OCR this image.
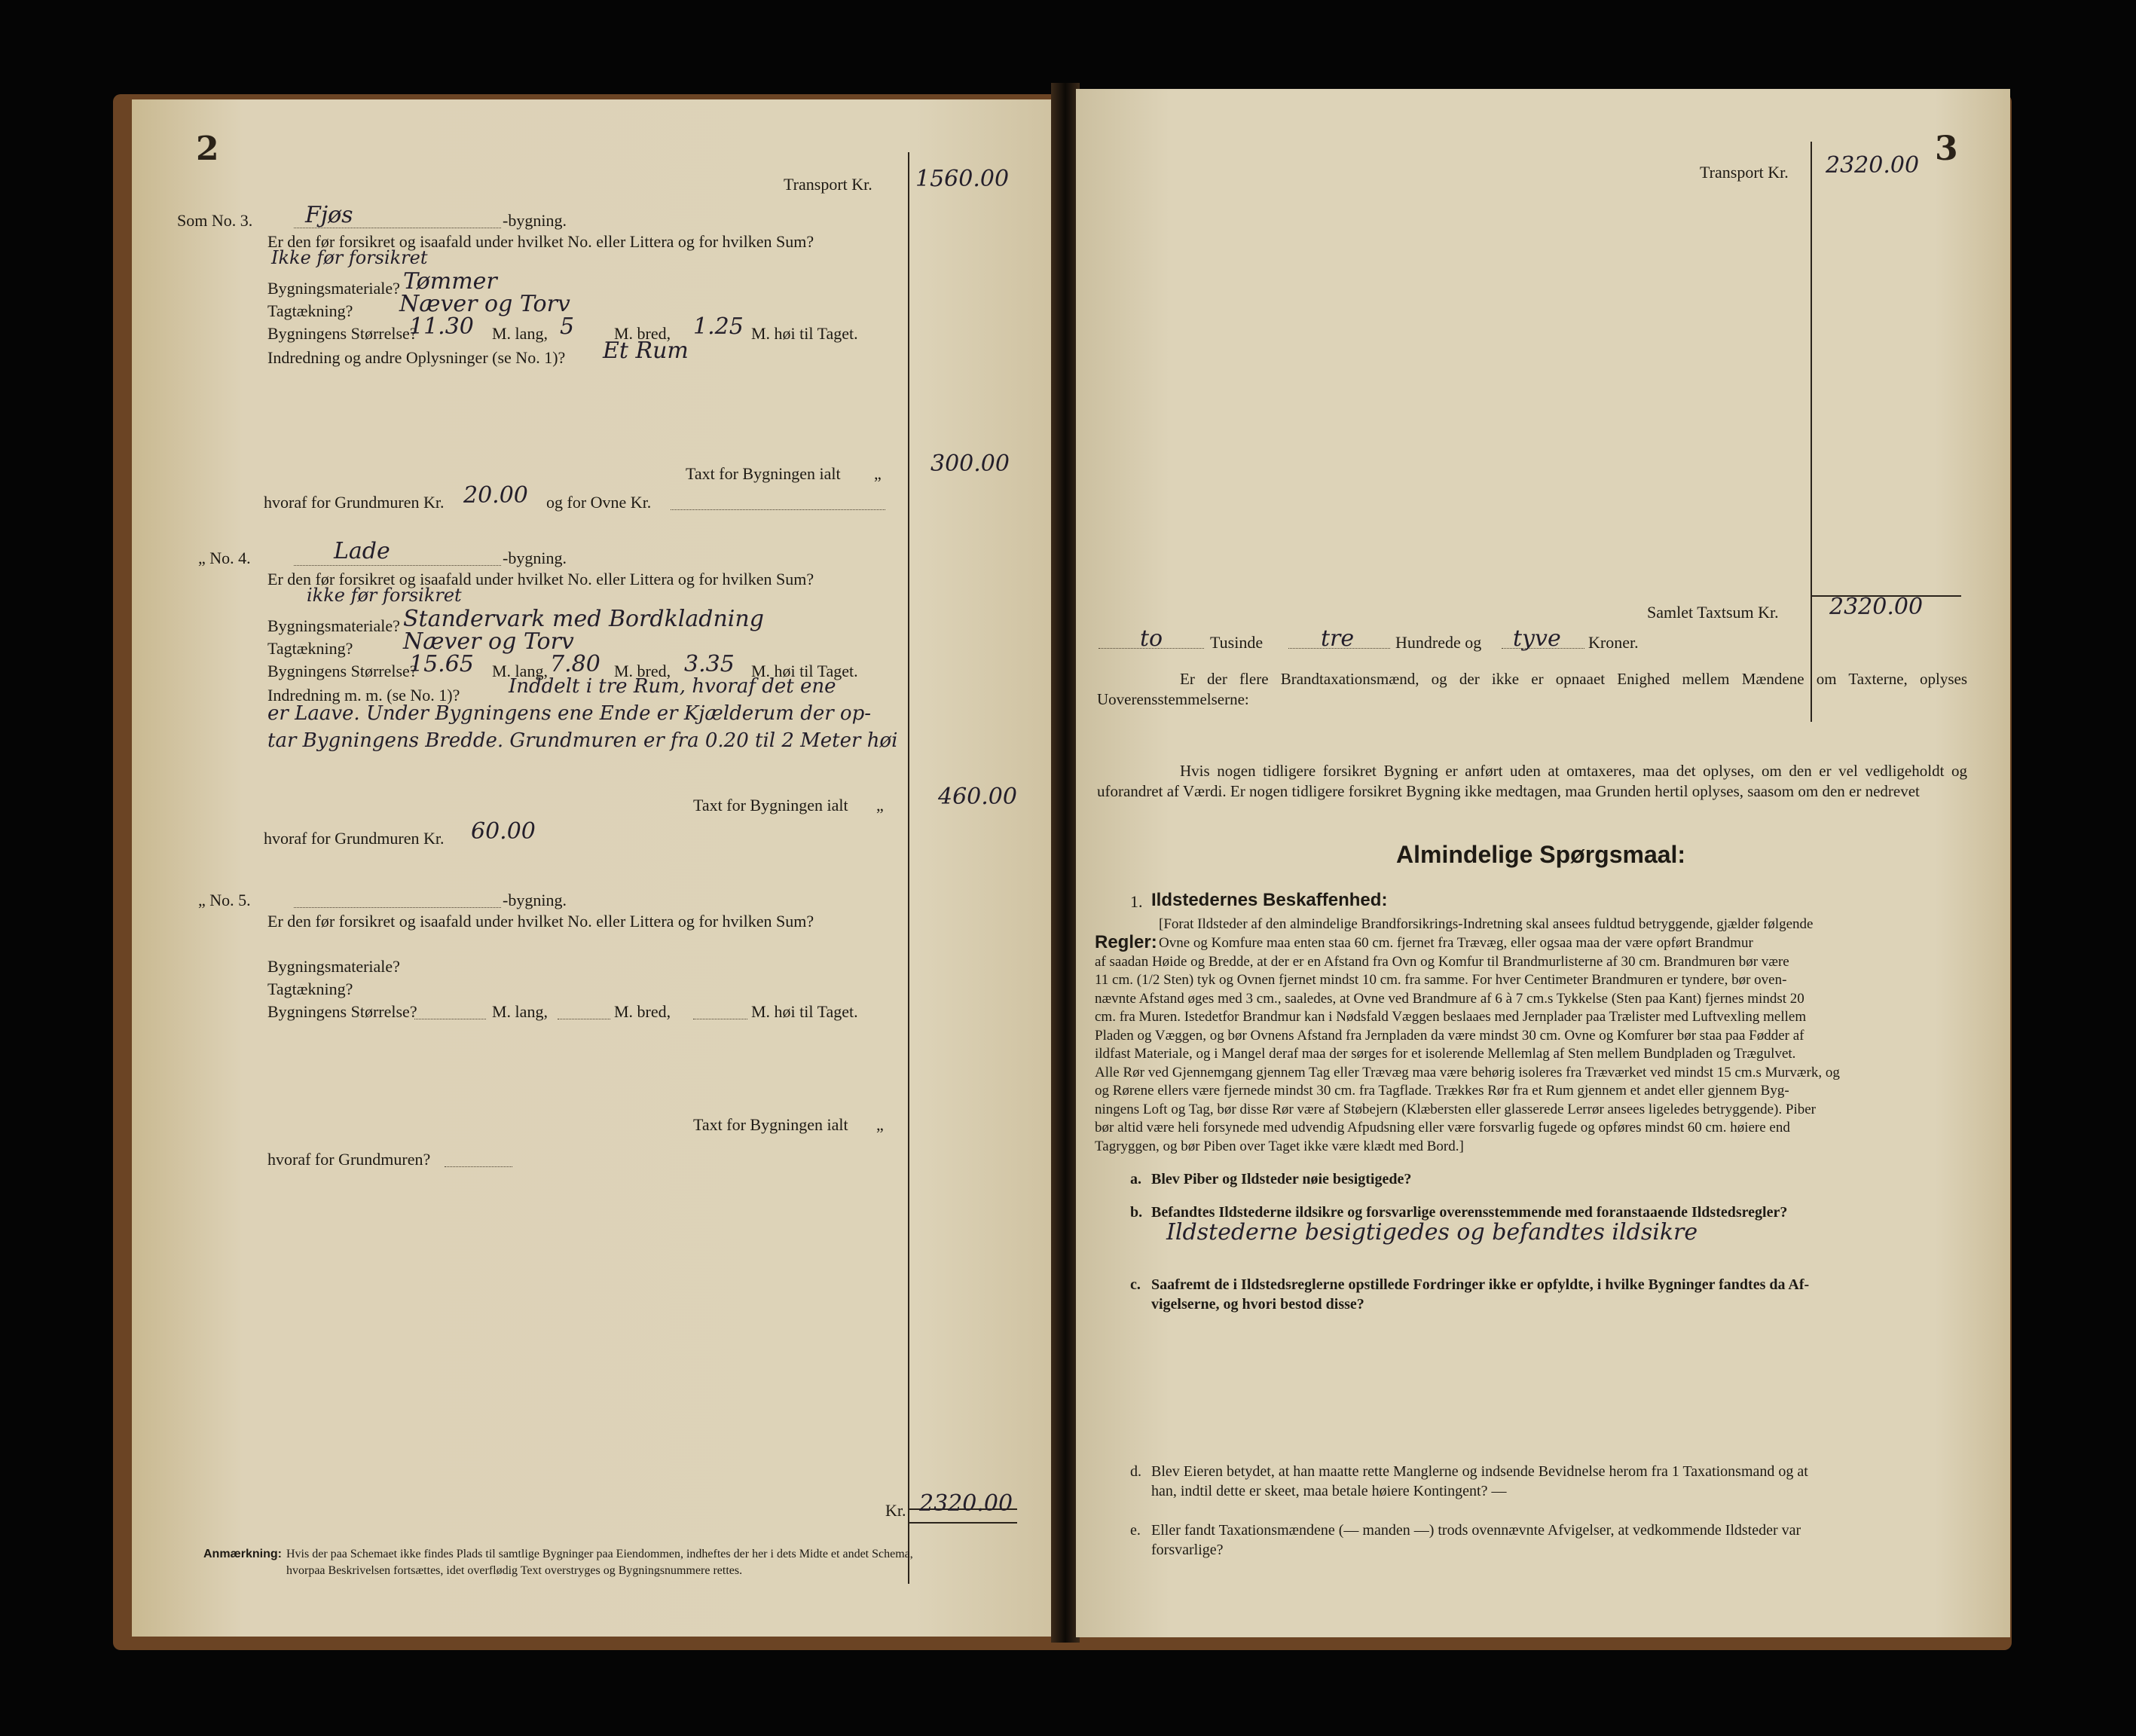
2
Transport Kr. 1560.00
Som No. 3. Fjøs	-bygning.
Er den før forsikret og isaafald under hvilket No. eller Littera og for hvilken Sum?
Ikke før forsikret
Bygningsmateriale? Tømmer
Tagtækning? Næver og Torv
Bygningens Størrelse?
11.30 M. lang, 5 M. bred, 1.25 M. høi til Taget.
Indredning og andre Oplysninger (se No. 1)? Et Rum
Taxt for Bygningen ialt „ 300.00
hvoraf for Grundmuren Kr. 20.00 og for Ovne Kr.
„ No. 4.	Lade	-bygning.
Er den før forsikret og isaafald under hvilket No. eller Littera og for hvilken Sum?
ikke før forsikret
Bygningsmateriale? Standervark med Bordkladning
Tagtækning? Næver og Torv
Bygningens Størrelse?
15.65 M. lang, 7.80 M. bred, 3.35 M. høi til Taget.
Indredning m. m. (se No. 1)? Inddelt i tre Rum, hvoraf det ene
er Laave. Under Bygningens ene Ende er Kjælderum der op-
tar Bygningens Bredde. Grundmuren er fra 0.20 til 2 Meter høi
Taxt for Bygningen ialt „ 460.00
hvoraf for Grundmuren Kr. 60.00
„ No. 5.	-bygning.
Er den før forsikret og isaafald under hvilket No. eller Littera og for hvilken Sum?
Bygningsmateriale?
Tagtækning?
Bygningens Størrelse?	M. lang,	M. bred,	M. høi til Taget.
Taxt for Bygningen ialt „
hvoraf for Grundmuren?
Kr. 2320.00
Anmærkning: Hvis der paa Schemaet ikke findes Plads til samtlige Bygninger paa Eiendommen, indheftes der her i dets Midte et andet Schema,
hvorpaa Beskrivelsen fortsættes, idet overflødig Text overstryges og Bygningsnummere rettes.
3
Transport Kr. 2320.00
Samlet Taxtsum Kr. 2320.00
to	Tusinde	tre Hundrede og tyve Kroner.
Er der flere Brandtaxationsmænd, og der ikke er opnaaet Enighed mellem Mændene om Taxterne, oplyses Uoverensstemmelserne:
Hvis nogen tidligere forsikret Bygning er anført uden at omtaxeres, maa det oplyses, om den er vel vedligeholdt og uforandret af Værdi. Er nogen tidligere forsikret Bygning ikke medtagen, maa Grunden hertil oplyses, saasom om den er nedrevet
Almindelige Spørgsmaal:
1. Ildstedernes Beskaffenhed:
[Forat Ildsteder af den almindelige Brandforsikrings-Indretning skal ansees fuldtud betryggende, gjælder følgende
Regler: Ovne og Komfure maa enten staa 60 cm. fjernet fra Trævæg, eller ogsaa maa der være opført Brandmur
af saadan Høide og Bredde, at der er en Afstand fra Ovn og Komfur til Brandmurlisterne af 30 cm. Brandmuren bør være
11 cm. (1/2 Sten) tyk og Ovnen fjernet mindst 10 cm. fra samme. For hver Centimeter Brandmuren er tyndere, bør oven-
nævnte Afstand øges med 3 cm., saaledes, at Ovne ved Brandmure af 6 à 7 cm.s Tykkelse (Sten paa Kant) fjernes mindst 20
cm. fra Muren. Istedetfor Brandmur kan i Nødsfald Væggen beslaaes med Jernplader paa Trælister med Luftvexling mellem
Pladen og Væggen, og bør Ovnens Afstand fra Jernpladen da være mindst 30 cm. Ovne og Komfurer bør staa paa Fødder af
ildfast Materiale, og i Mangel deraf maa der sørges for et isolerende Mellemlag af Sten mellem Bundpladen og Trægulvet.
Alle Rør ved Gjennemgang gjennem Tag eller Trævæg maa være behørig isoleres fra Træværket ved mindst 15 cm.s Murværk, og
og Rørene ellers være fjernede mindst 30 cm. fra Tagflade. Trækkes Rør fra et Rum gjennem et andet eller gjennem Byg-
ningens Loft og Tag, bør disse Rør være af Støbejern (Klæbersten eller glasserede Lerrør ansees ligeledes betryggende). Piber
bør altid være heli forsynede med udvendig Afpudsning eller være forsvarlig fugede og opføres mindst 60 cm. høiere end
Tagryggen, og bør Piben over Taget ikke være klædt med Bord.]
a. Blev Piber og Ildsteder nøie besigtigede?
b. Befandtes Ildstederne ildsikre og forsvarlige overensstemmende med foranstaaende Ildstedsregler?
Ildstederne besigtigedes og befandtes ildsikre
c. Saafremt de i Ildstedsreglerne opstillede Fordringer ikke er opfyldte, i hvilke Bygninger fandtes da Af-
vigelserne, og hvori bestod disse?
d. Blev Eieren betydet, at han maatte rette Manglerne og indsende Bevidnelse herom fra 1 Taxationsmand og at
han, indtil dette er skeet, maa betale høiere Kontingent? —
e. Eller fandt Taxationsmændene (— manden —) trods ovennævnte Afvigelser, at vedkommende Ildsteder var
forsvarlige?
